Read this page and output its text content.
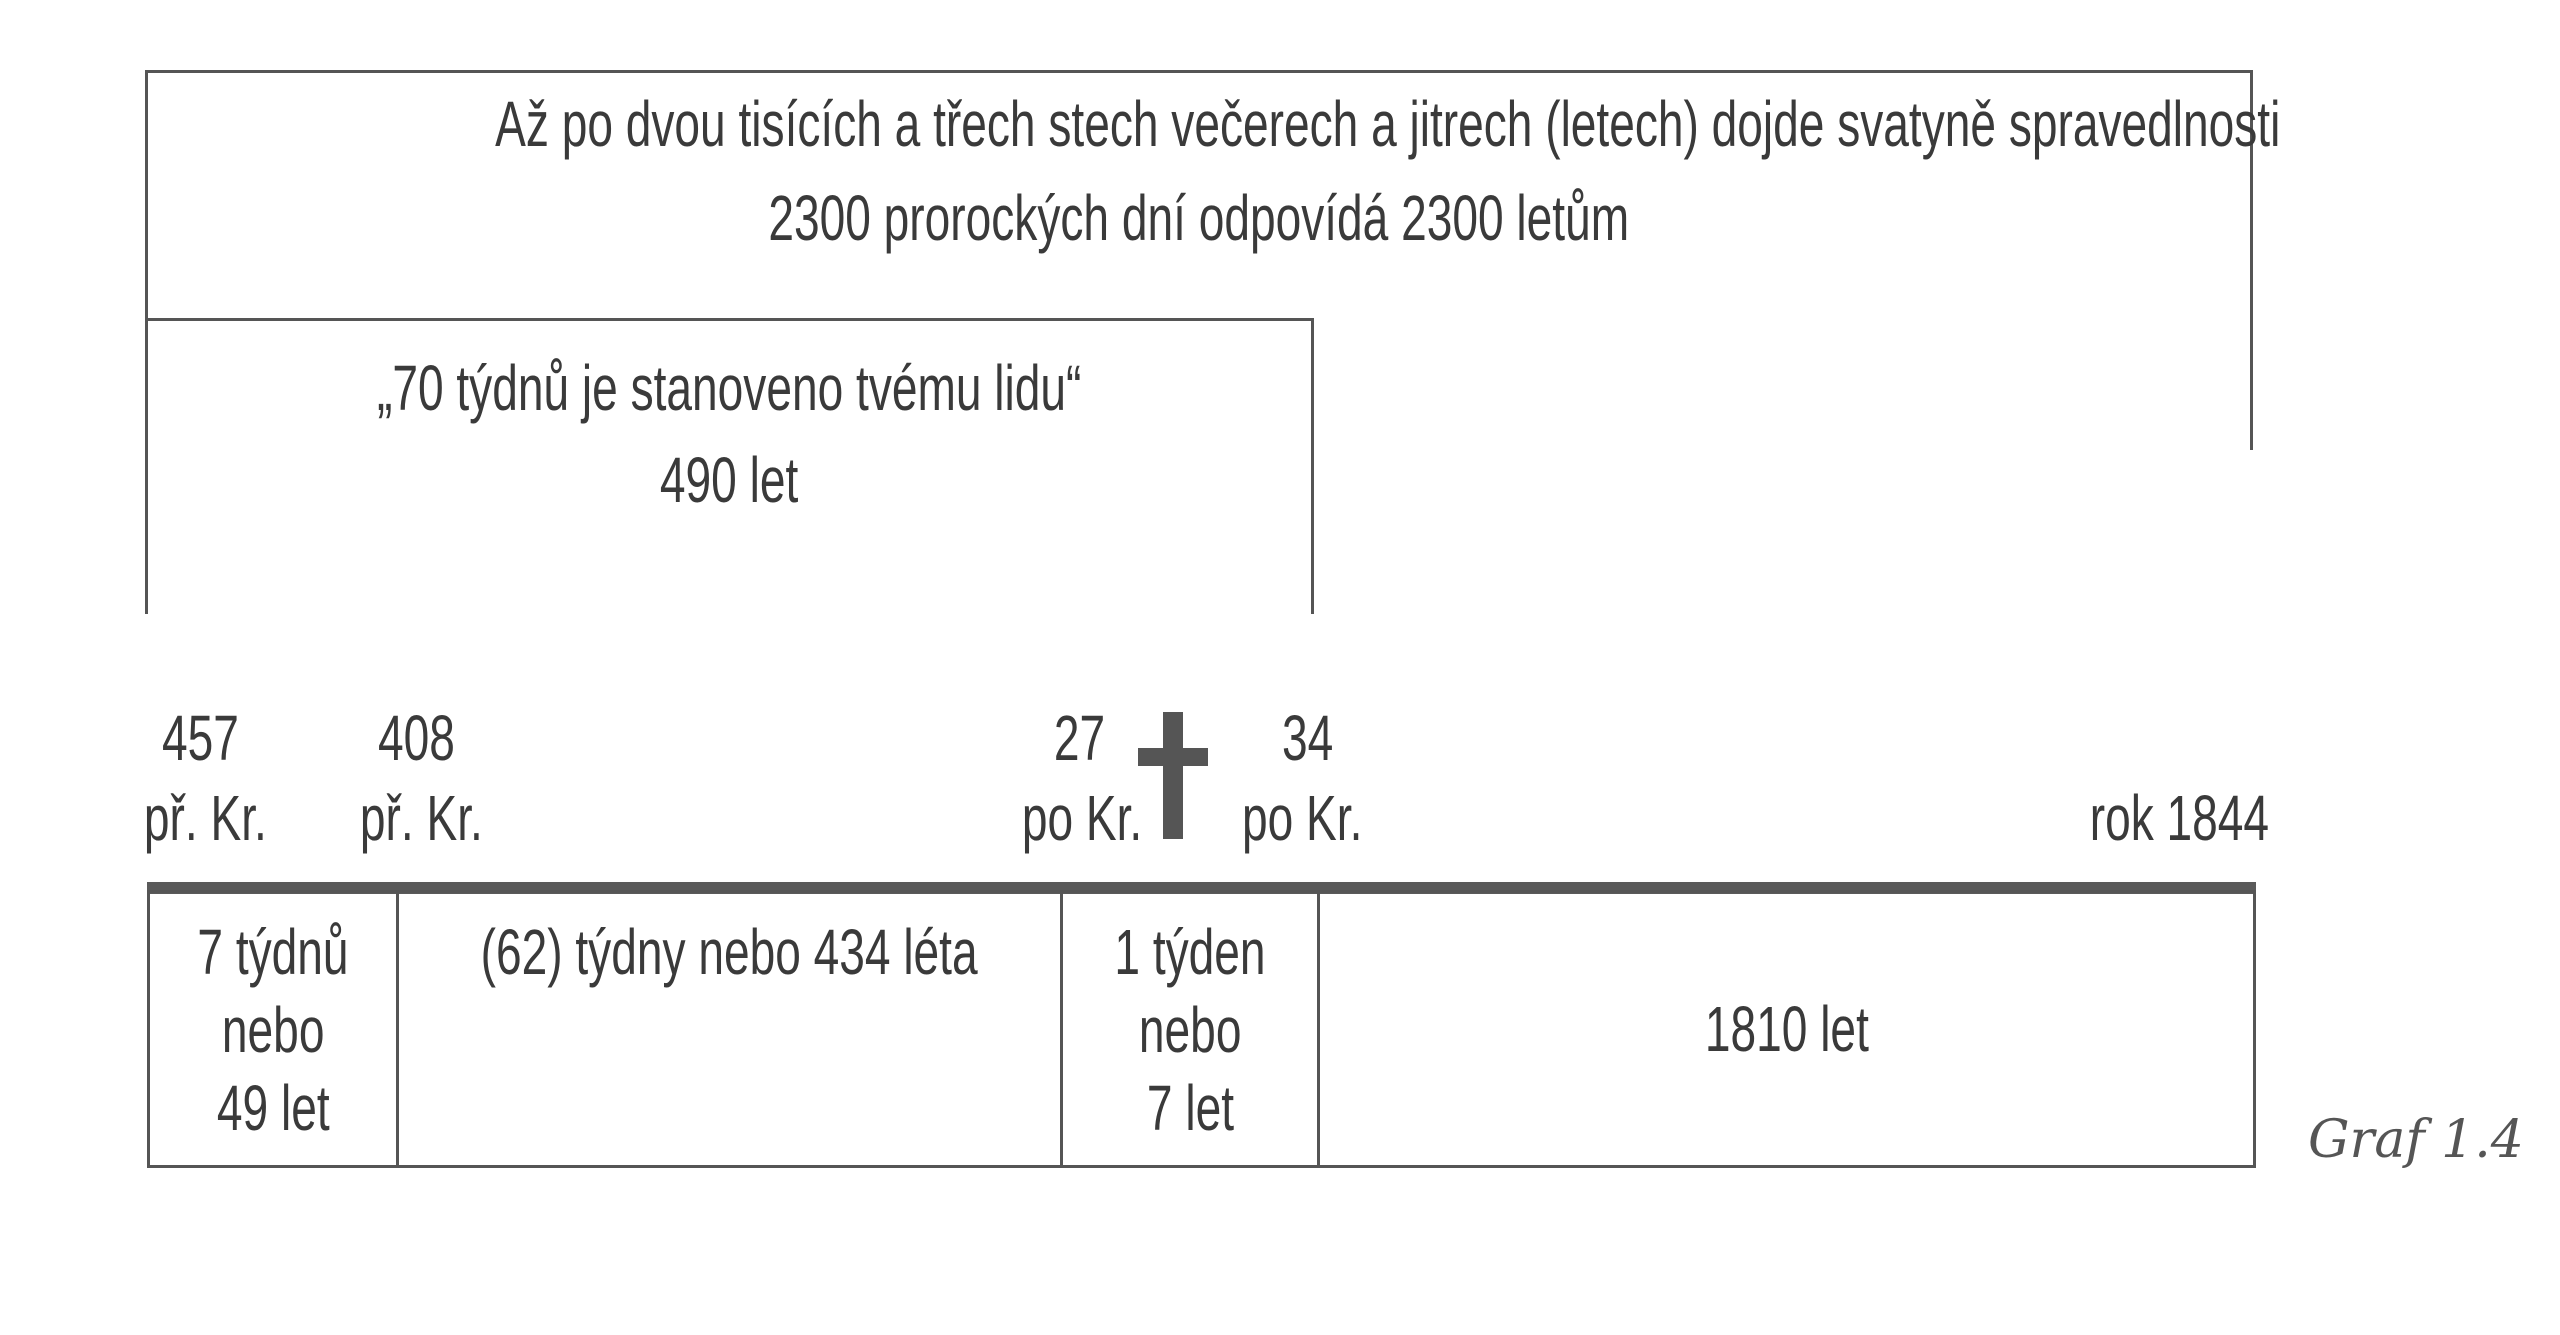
Až po dvou tisících a třech stech večerech a jitrech (letech) dojde svatyně spravedlnosti
2300 prorockých dní odpovídá 2300 letům
„70 týdnů je stanoveno tvému lidu“
490 let
457
př. Kr.
408
př. Kr.
27
po Kr.
34
po Kr.	rok 1844
7 týdnů
nebo
49 let
(62) týdny nebo 434 léta	1 týden
nebo
7 let
1810 let
Graf 1.4
